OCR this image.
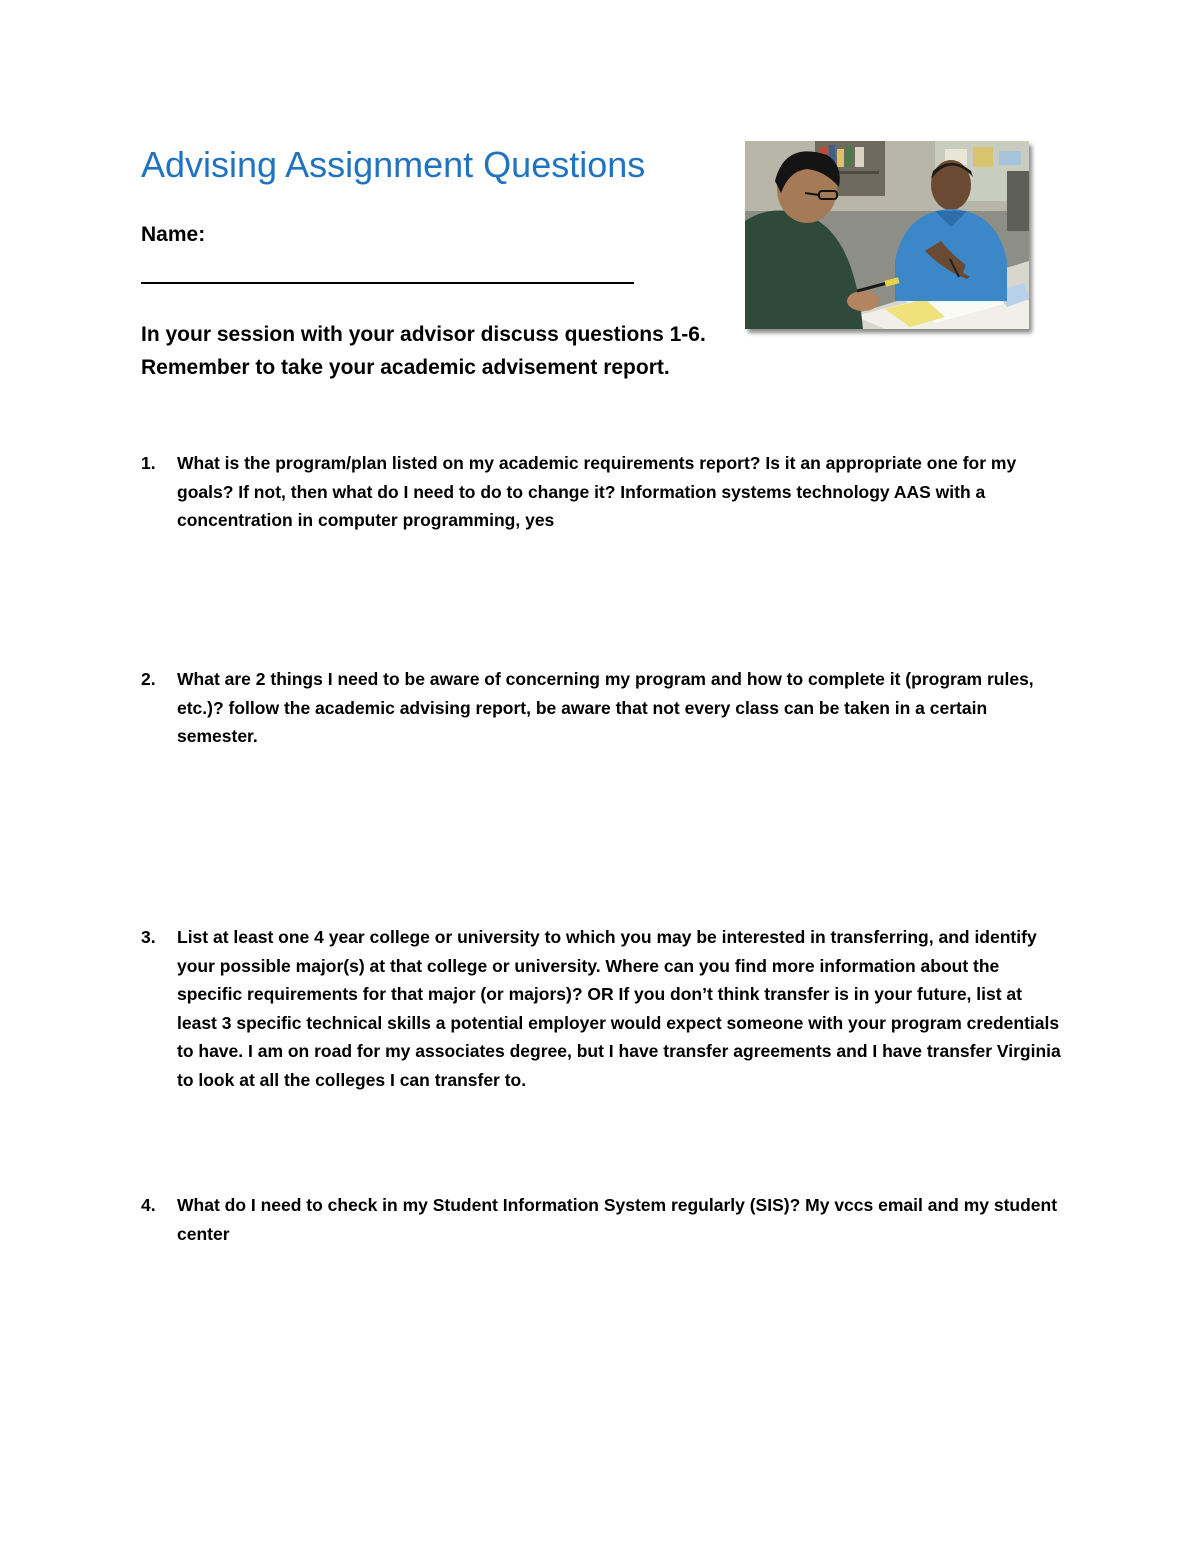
Advising Assignment Questions
Name:

In your session with your advisor discuss questions 1-6.

Remember to take your academic advisement report.

1. What is the program/plan listed on my academic requirements report? Is it an appropriate one for my goals? If not, then what do I need to do to change it? Information systems technology AAS with a concentration in computer programming, yes
2. What are 2 things I need to be aware of concerning my program and how to complete it (program rules, etc.)? follow the academic advising report, be aware that not every class can be taken in a certain semester.
3. List at least one 4 year college or university to which you may be interested in transferring, and identify your possible major(s) at that college or university. Where can you find more information about the specific requirements for that major (or majors)? OR If you don’t think transfer is in your future, list at least 3 specific technical skills a potential employer would expect someone with your program credentials to have. I am on road for my associates degree, but I have transfer agreements and I have transfer Virginia to look at all the colleges I can transfer to.
4. What do I need to check in my Student Information System regularly (SIS)? My vccs email and my student center
